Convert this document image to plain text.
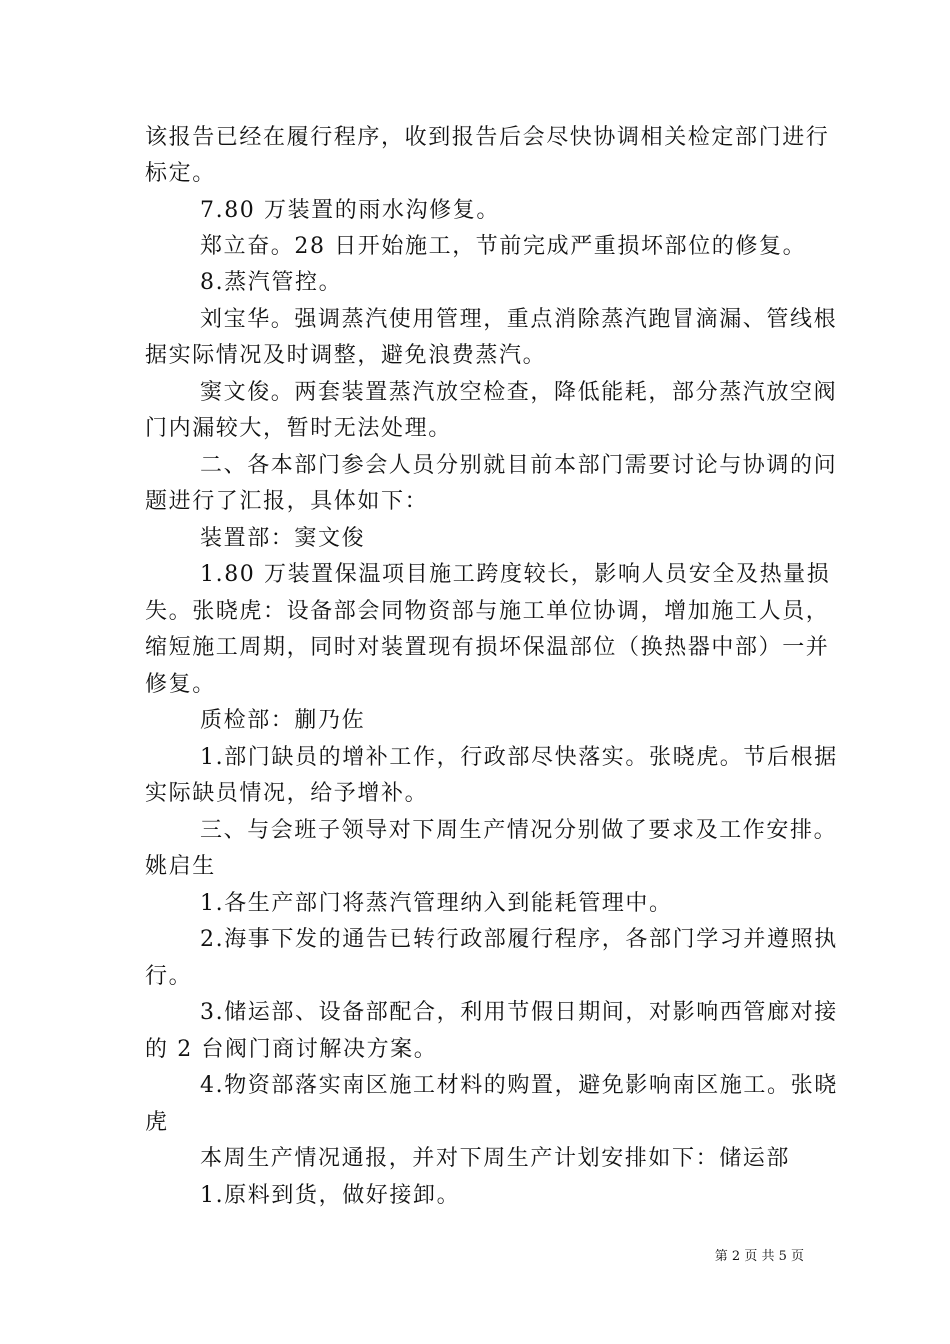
该报告已经在履行程序，收到报告后会尽快协调相关检定部门进行
标定。
7.80 万装置的雨水沟修复。
郑立奋。28 日开始施工，节前完成严重损坏部位的修复。
8.蒸汽管控。
刘宝华。强调蒸汽使用管理，重点消除蒸汽跑冒滴漏、管线根
据实际情况及时调整，避免浪费蒸汽。
窦文俊。两套装置蒸汽放空检查，降低能耗，部分蒸汽放空阀
门内漏较大，暂时无法处理。
二、各本部门参会人员分别就目前本部门需要讨论与协调的问
题进行了汇报，具体如下：
装置部：窦文俊
1.80 万装置保温项目施工跨度较长，影响人员安全及热量损
失。张晓虎：设备部会同物资部与施工单位协调，增加施工人员，
缩短施工周期，同时对装置现有损坏保温部位（换热器中部）一并
修复。
质检部：蒯乃佐
1.部门缺员的增补工作，行政部尽快落实。张晓虎。节后根据
实际缺员情况，给予增补。
三、与会班子领导对下周生产情况分别做了要求及工作安排。
姚启生
1.各生产部门将蒸汽管理纳入到能耗管理中。
2.海事下发的通告已转行政部履行程序，各部门学习并遵照执
行。
3.储运部、设备部配合，利用节假日期间，对影响西管廊对接
的 2 台阀门商讨解决方案。
4.物资部落实南区施工材料的购置，避免影响南区施工。张晓
虎
本周生产情况通报，并对下周生产计划安排如下：储运部
1.原料到货，做好接卸。
第 2 页 共 5 页
